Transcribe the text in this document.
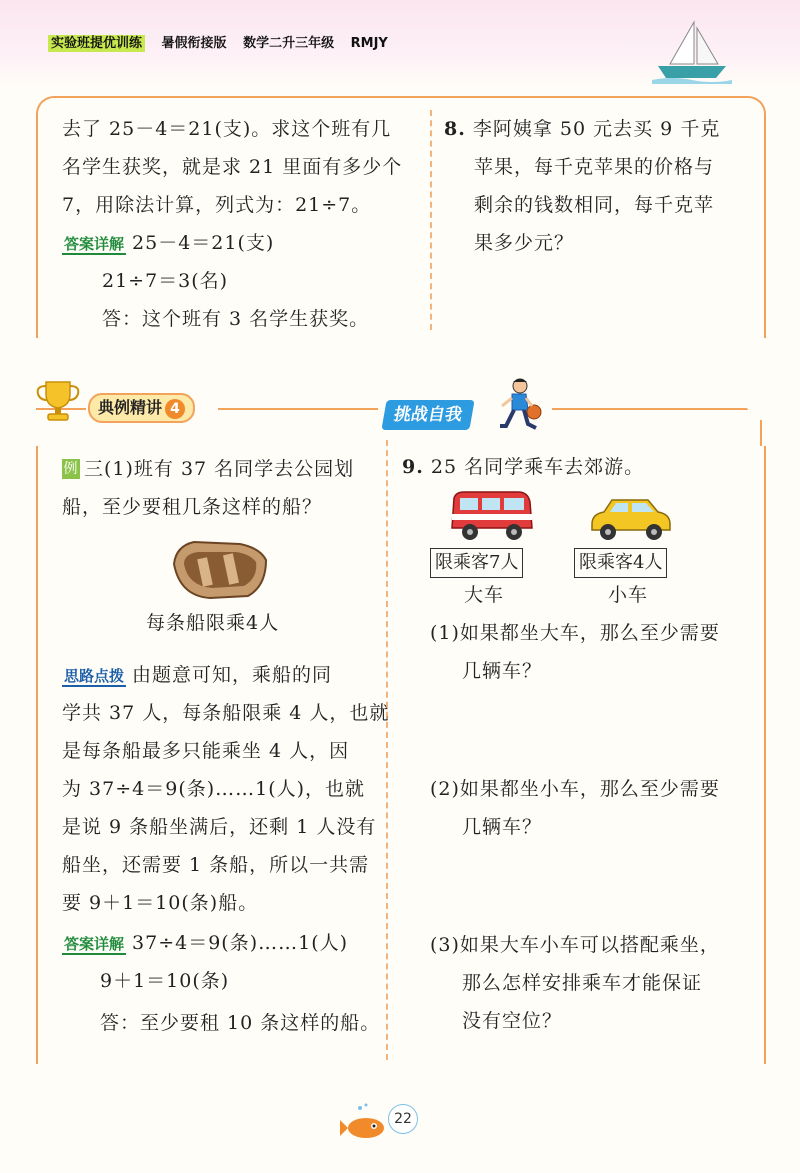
实验班提优训练 暑假衔接版 数学二升三年级 RMJY
去了 25－4＝21(支)。求这个班有几
名学生获奖，就是求 21 里面有多少个
7，用除法计算，列式为：21÷7。
答案详解 25－4＝21(支)
21÷7＝3(名)
答：这个班有 3 名学生获奖。
8. 李阿姨拿 50 元去买 9 千克
苹果，每千克苹果的价格与
剩余的钱数相同，每千克苹
果多少元？
典例精讲 4	挑战自我
例 三(1)班有 37 名同学去公园划
船，至少要租几条这样的船？
每条船限乘4人
思路点拨 由题意可知，乘船的同
学共 37 人，每条船限乘 4 人，也就
是每条船最多只能乘坐 4 人，因
为 37÷4＝9(条)……1(人)，也就
是说 9 条船坐满后，还剩 1 人没有
船坐，还需要 1 条船，所以一共需
要 9＋1＝10(条)船。
答案详解 37÷4＝9(条)……1(人)
9＋1＝10(条)
答：至少要租 10 条这样的船。
9. 25 名同学乘车去郊游。
限乘客7人	限乘客4人
大车	小车
(1)如果都坐大车，那么至少需要
几辆车？
(2)如果都坐小车，那么至少需要
几辆车？
(3)如果大车小车可以搭配乘坐，
那么怎样安排乘车才能保证
没有空位？
22
